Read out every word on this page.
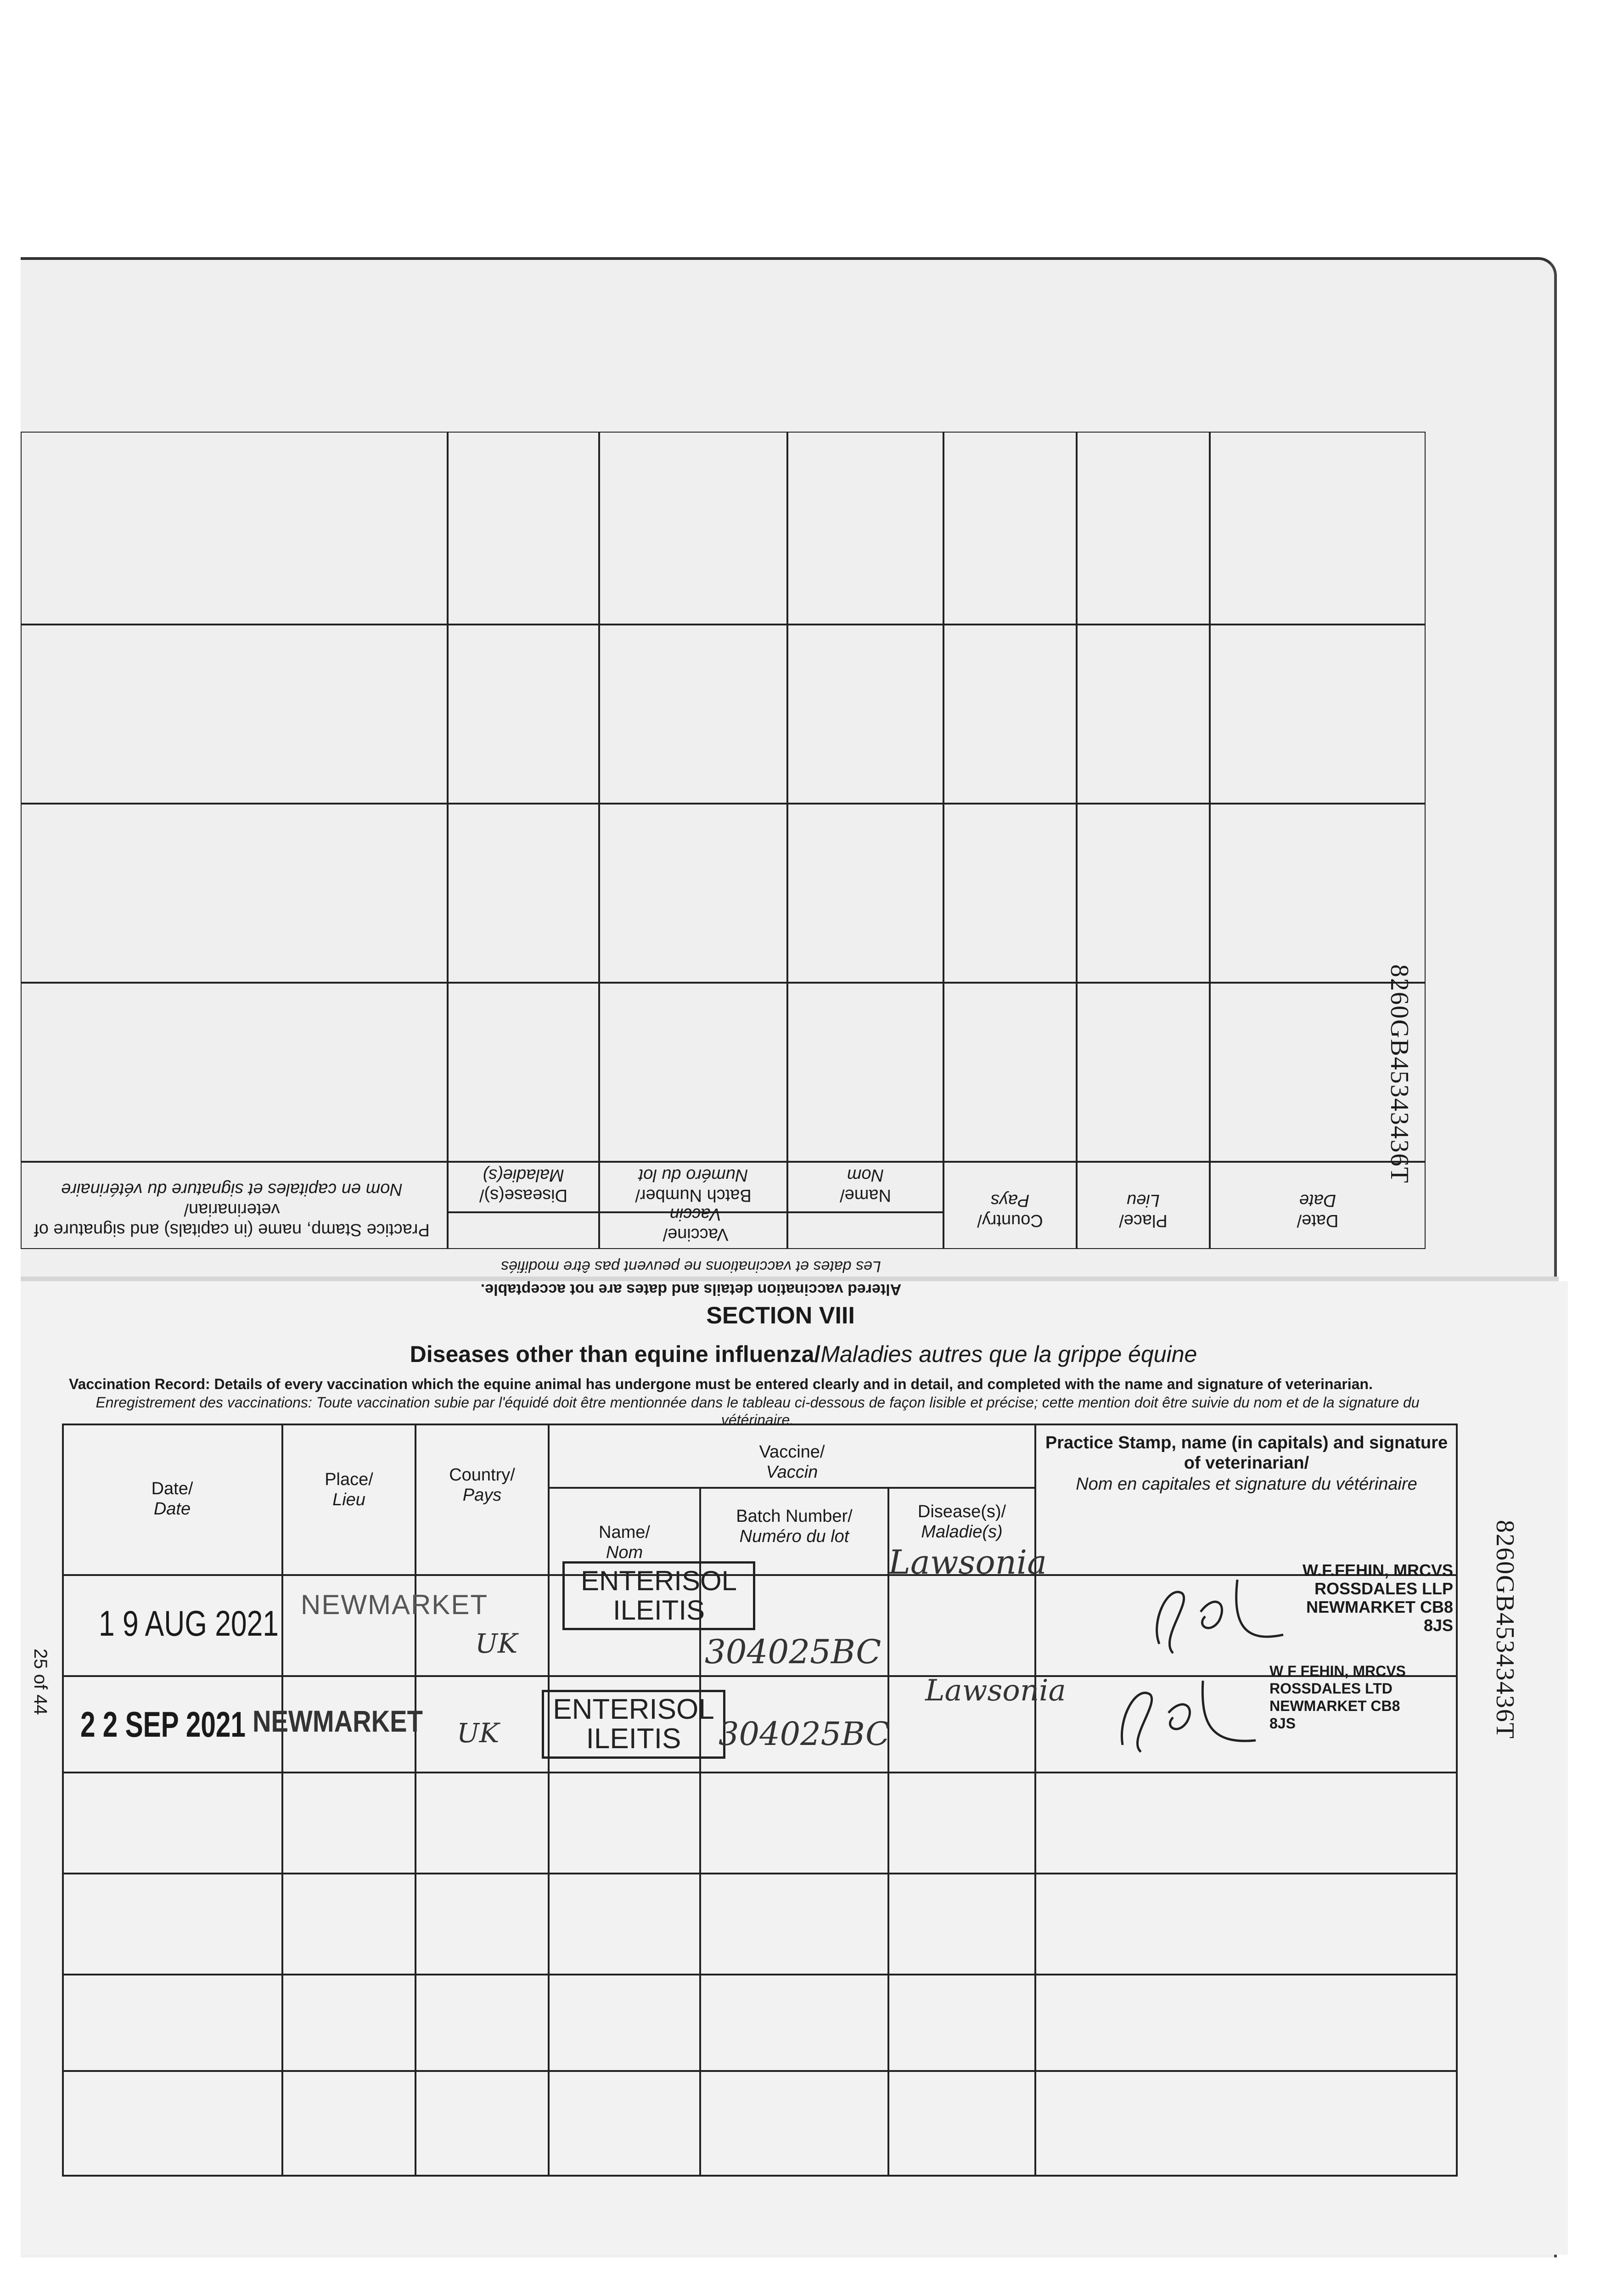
Date/
Date
Place/
Lieu
Country/
Pays
Vaccine/
Vaccin
Name/
Nom
Batch Number/
Numéro du lot
Disease(s)/
Maladie(s)
Practice Stamp, name (in capitals) and signature of veterinarian/
Nom en capitales et signature du vétérinaire
Altered vaccination details and dates are not acceptable.
Les dates et vaccinations ne peuvent pas être modifiés
8260GB45343436T
8260GB45343436T
25 of 44
SECTION VIII
Diseases other than equine influenza/Maladies autres que la grippe équine
Vaccination Record: Details of every vaccination which the equine animal has undergone must be entered clearly and in detail, and completed with the name and signature of veterinarian.
Enregistrement des vaccinations: Toute vaccination subie par l'équidé doit être mentionnée dans le tableau ci-dessous de façon lisible et précise; cette mention doit être suivie du nom et de la signature du vétérinaire.
Date/
Date
Place/
Lieu
Country/
Pays
Vaccine/
Vaccin
Name/
Nom
Batch Number/
Numéro du lot
Disease(s)/
Maladie(s)
Practice Stamp, name (in capitals) and signature of veterinarian/
Nom en capitales et signature du vétérinaire
1 9 AUG 2021 NEWMARKET
UK
ENTERISOL
ILEITIS
304025BC
Lawsonia	W.F.FEHIN, MRCVS
ROSSDALES LLP
NEWMARKET CB8 8JS
2 2 SEP 2021 NEWMARKET UK
ENTERISOL
ILEITIS	304025BC
Lawsonia
W F FEHIN, MRCVS
ROSSDALES LTD
NEWMARKET CB8 8JS
